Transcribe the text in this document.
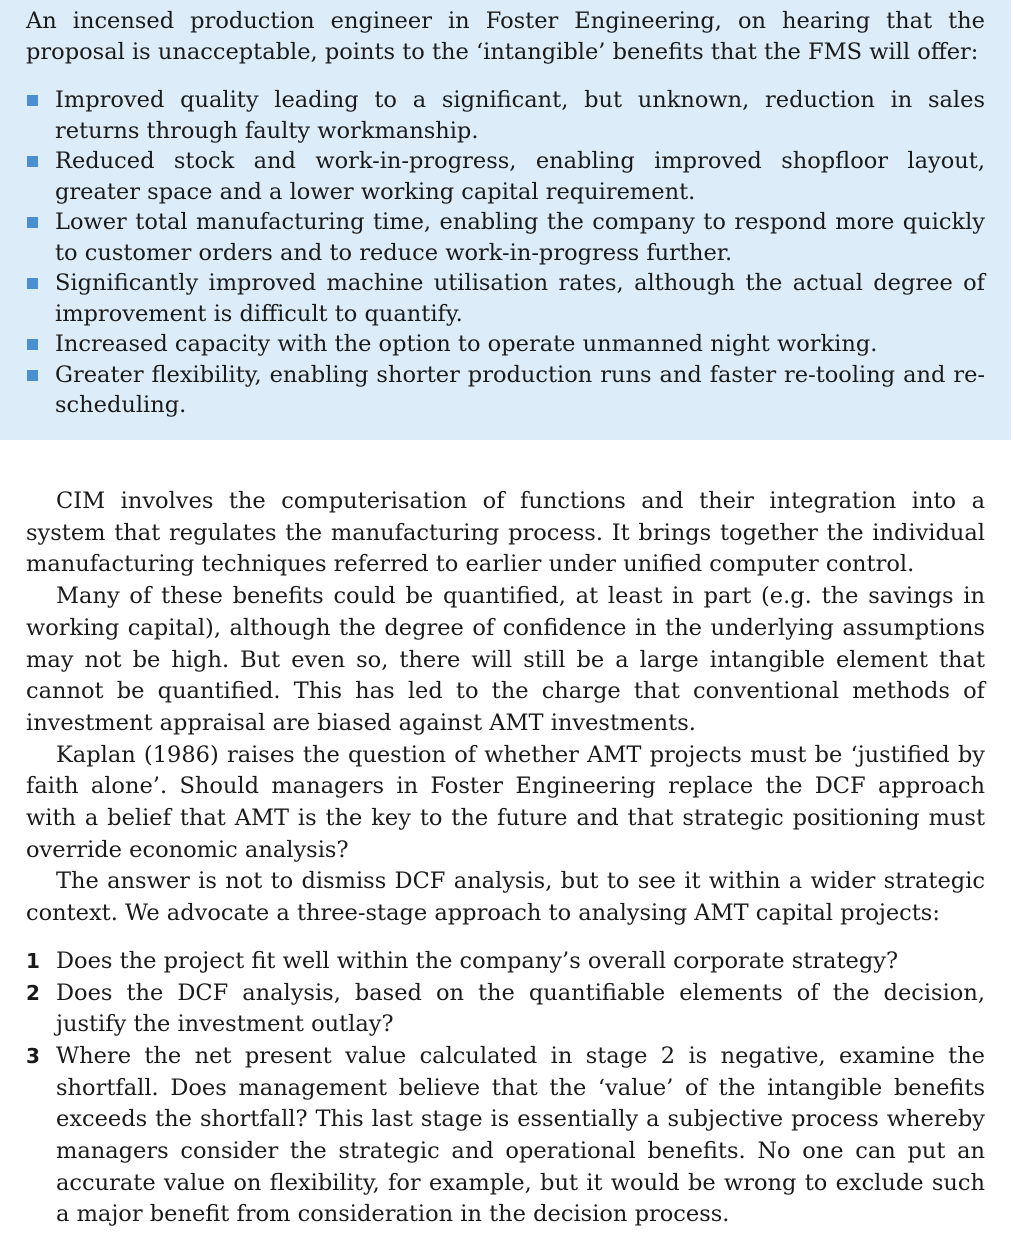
An incensed production engineer in Foster Engineering, on hearing that the proposal is unacceptable, points to the ‘intangible’ benefits that the FMS will offer:

Improved quality leading to a significant, but unknown, reduction in sales returns through faulty workmanship.
Reduced stock and work-in-progress, enabling improved shopfloor layout, greater space and a lower working capital requirement.
Lower total manufacturing time, enabling the company to respond more quickly to customer orders and to reduce work-in-progress further.
Significantly improved machine utilisation rates, although the actual degree of improvement is difficult to quantify.
Increased capacity with the option to operate unmanned night working.
Greater flexibility, enabling shorter production runs and faster re-tooling and re-scheduling.

CIM involves the computerisation of functions and their integration into a system that regulates the manufacturing process. It brings together the individual manufacturing techniques referred to earlier under unified computer control.

Many of these benefits could be quantified, at least in part (e.g. the savings in working capital), although the degree of confidence in the underlying assumptions may not be high. But even so, there will still be a large intangible element that cannot be quantified. This has led to the charge that conventional methods of investment appraisal are biased against AMT investments.

Kaplan (1986) raises the question of whether AMT projects must be ‘justified by faith alone’. Should managers in Foster Engineering replace the DCF approach with a belief that AMT is the key to the future and that strategic positioning must override economic analysis?

The answer is not to dismiss DCF analysis, but to see it within a wider strategic context. We advocate a three-stage approach to analysing AMT capital projects:

1 Does the project fit well within the company’s overall corporate strategy?
2 Does the DCF analysis, based on the quantifiable elements of the decision, justify the investment outlay?
3 Where the net present value calculated in stage 2 is negative, examine the shortfall. Does management believe that the ‘value’ of the intangible benefits exceeds the shortfall? This last stage is essentially a subjective process whereby managers consider the strategic and operational benefits. No one can put an accurate value on flexibility, for example, but it would be wrong to exclude such a major benefit from consideration in the decision process.
